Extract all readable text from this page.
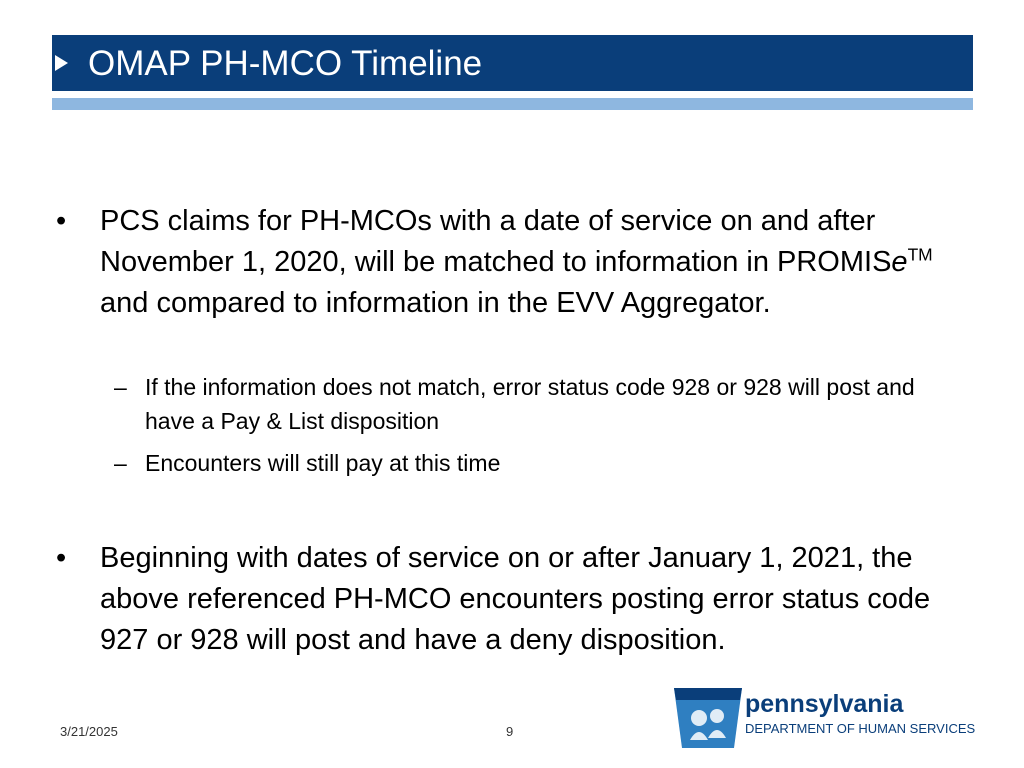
OMAP PH-MCO Timeline
• PCS claims for PH-MCOs with a date of service on and after November 1, 2020, will be matched to information in PROMISe™ and compared to information in the EVV Aggregator.
– If the information does not match, error status code 928 or 928 will post and have a Pay & List disposition
– Encounters will still pay at this time
• Beginning with dates of service on or after January 1, 2021, the above referenced PH-MCO encounters posting error status code 927 or 928 will post and have a deny disposition.
3/21/2025	9
pennsylvania
DEPARTMENT OF HUMAN SERVICES
